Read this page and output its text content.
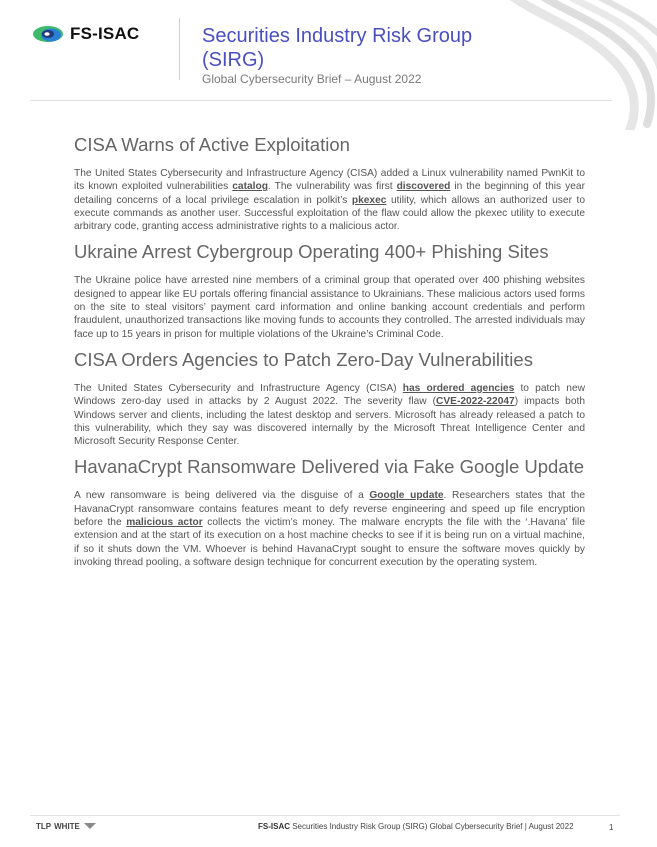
FS-ISAC	Securities Industry Risk Group (SIRG)
Global Cybersecurity Brief – August 2022
CISA Warns of Active Exploitation

The United States Cybersecurity and Infrastructure Agency (CISA) added a Linux vulnerability named PwnKit to its known exploited vulnerabilities catalog. The vulnerability was first discovered in the beginning of this year detailing concerns of a local privilege escalation in polkit’s pkexec utility, which allows an authorized user to execute commands as another user. Successful exploitation of the flaw could allow the pkexec utility to execute arbitrary code, granting access administrative rights to a malicious actor.

Ukraine Arrest Cybergroup Operating 400+ Phishing Sites

The Ukraine police have arrested nine members of a criminal group that operated over 400 phishing websites designed to appear like EU portals offering financial assistance to Ukrainians. These malicious actors used forms on the site to steal visitors’ payment card information and online banking account credentials and perform fraudulent, unauthorized transactions like moving funds to accounts they controlled. The arrested individuals may face up to 15 years in prison for multiple violations of the Ukraine’s Criminal Code.

CISA Orders Agencies to Patch Zero-Day Vulnerabilities

The United States Cybersecurity and Infrastructure Agency (CISA) has ordered agencies to patch new Windows zero-day used in attacks by 2 August 2022. The severity flaw (CVE-2022-22047) impacts both Windows server and clients, including the latest desktop and servers. Microsoft has already released a patch to this vulnerability, which they say was discovered internally by the Microsoft Threat Intelligence Center and Microsoft Security Response Center.

HavanaCrypt Ransomware Delivered via Fake Google Update

A new ransomware is being delivered via the disguise of a Google update. Researchers states that the HavanaCrypt ransomware contains features meant to defy reverse engineering and speed up file encryption before the malicious actor collects the victim’s money. The malware encrypts the file with the ‘.Havana’ file extension and at the start of its execution on a host machine checks to see if it is being run on a virtual machine, if so it shuts down the VM. Whoever is behind HavanaCrypt sought to ensure the software moves quickly by invoking thread pooling, a software design technique for concurrent execution by the operating system.

TLP WHITE	FS-ISAC Securities Industry Risk Group (SIRG) Global Cybersecurity Brief | August 2022	1
